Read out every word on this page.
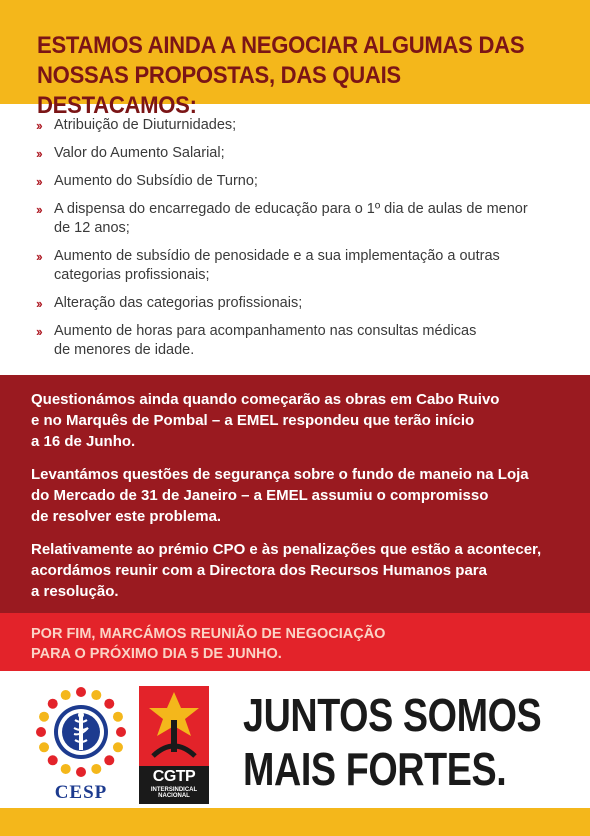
ESTAMOS AINDA A NEGOCIAR ALGUMAS DAS
NOSSAS PROPOSTAS, DAS QUAIS DESTACAMOS:
›› Atribuição de Diuturnidades;
›› Valor do Aumento Salarial;
›› Aumento do Subsídio de Turno;
›› A dispensa do encarregado de educação para o 1º dia de aulas de menor
de 12 anos;
›› Aumento de subsídio de penosidade e a sua implementação a outras
categorias profissionais;
›› Alteração das categorias profissionais;
›› Aumento de horas para acompanhamento nas consultas médicas
de menores de idade.

Questionámos ainda quando começarão as obras em Cabo Ruivo
e no Marquês de Pombal – a EMEL respondeu que terão início
a 16 de Junho.

Levantámos questões de segurança sobre o fundo de maneio na Loja
do Mercado de 31 de Janeiro – a EMEL assumiu o compromisso
de resolver este problema.

Relativamente ao prémio CPO e às penalizações que estão a acontecer,
acordámos reunir com a Directora dos Recursos Humanos para
a resolução.

POR FIM, MARCÁMOS REUNIÃO DE NEGOCIAÇÃO
PARA O PRÓXIMO DIA 5 DE JUNHO.

CESP
CGTP
INTERSINDICAL NACIONAL
JUNTOS SOMOS
MAIS FORTES.
